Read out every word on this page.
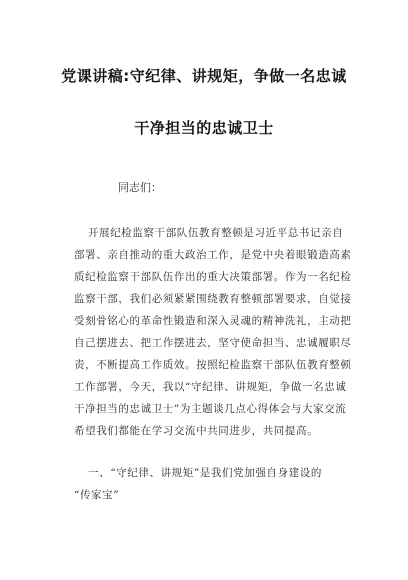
党课讲稿:守纪律、讲规矩，争做一名忠诚
干净担当的忠诚卫士
同志们：
开展纪检监察干部队伍教育整顿是习近平总书记亲自
部署、亲自推动的重大政治工作，是党中央着眼锻造高素
质纪检监察干部队伍作出的重大决策部署。作为一名纪检
监察干部，我们必须紧紧围绕教育整顿部署要求，自觉接
受刻骨铭心的革命性锻造和深入灵魂的精神洗礼，主动把
自己摆进去、把工作摆进去，坚守使命担当、忠诚履职尽
责，不断提高工作质效。按照纪检监察干部队伍教育整顿
工作部署，今天，我以“守纪律、讲规矩，争做一名忠诚
干净担当的忠诚卫士”为主题谈几点心得体会与大家交流
希望我们都能在学习交流中共同进步，共同提高。
一、“守纪律、讲规矩”是我们党加强自身建设的
“传家宝”
